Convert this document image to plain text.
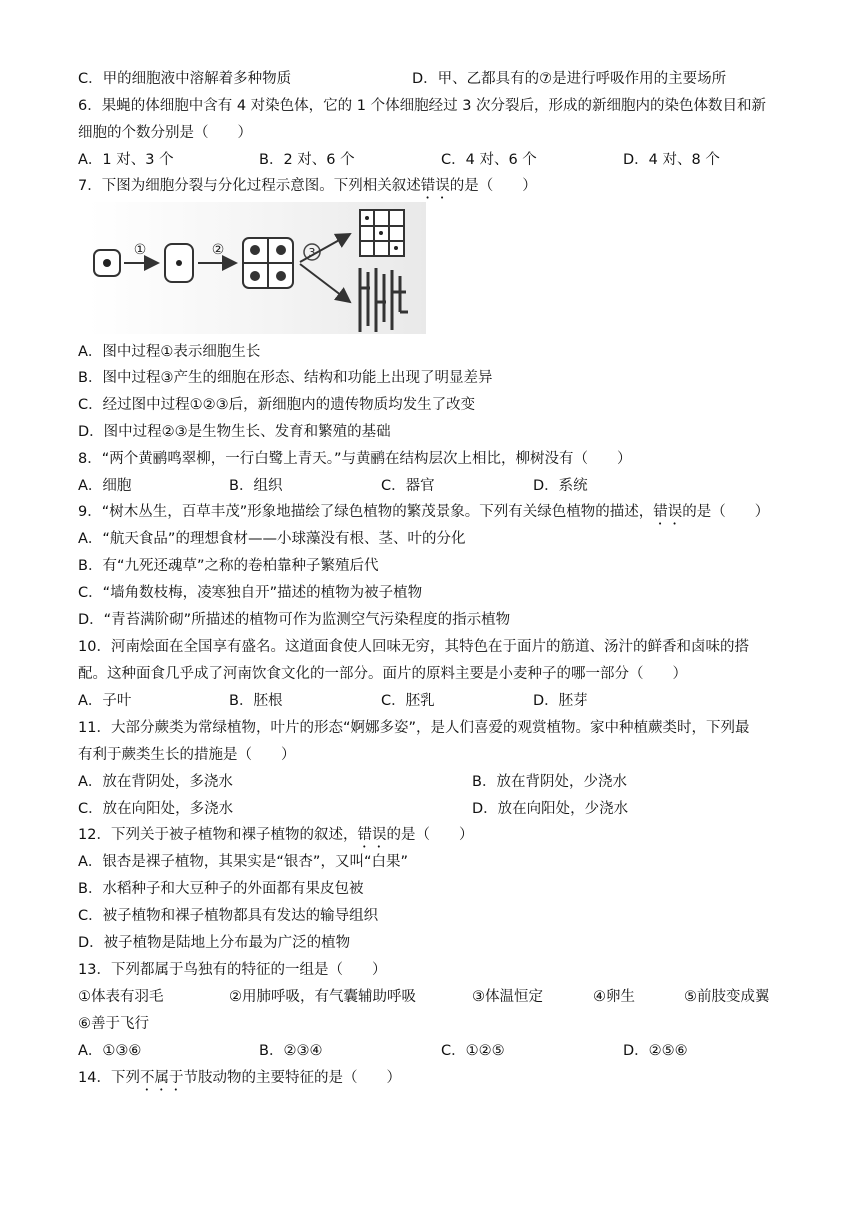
C．甲的细胞液中溶解着多种物质	D．甲、乙都具有的⑦是进行呼吸作用的主要场所
6．果蝇的体细胞中含有 4 对染色体，它的 1 个体细胞经过 3 次分裂后，形成的新细胞内的染色体数目和新
细胞的个数分别是（　　）
A．1 对、3 个	B．2 对、6 个	C．4 对、6 个	D．4 对、8 个
7．下图为细胞分裂与分化过程示意图。下列相关叙述错误的是（　　）
①	②	3
A．图中过程①表示细胞生长
B．图中过程③产生的细胞在形态、结构和功能上出现了明显差异
C．经过图中过程①②③后，新细胞内的遗传物质均发生了改变
D．图中过程②③是生物生长、发育和繁殖的基础
8．“两个黄鹂鸣翠柳，一行白鹭上青天。”与黄鹂在结构层次上相比，柳树没有（　　）
A．细胞	B．组织	C．器官	D．系统
9．“树木丛生，百草丰茂”形象地描绘了绿色植物的繁茂景象。下列有关绿色植物的描述，错误的是（　　）
A．“航天食品”的理想食材——小球藻没有根、茎、叶的分化
B．有“九死还魂草”之称的卷柏靠种子繁殖后代
C．“墙角数枝梅，凌寒独自开”描述的植物为被子植物
D．“青苔满阶砌”所描述的植物可作为监测空气污染程度的指示植物
10．河南烩面在全国享有盛名。这道面食使人回味无穷，其特色在于面片的筋道、汤汁的鲜香和卤味的搭
配。这种面食几乎成了河南饮食文化的一部分。面片的原料主要是小麦种子的哪一部分（　　）
A．子叶	B．胚根	C．胚乳	D．胚芽
11．大部分蕨类为常绿植物，叶片的形态“婀娜多姿”，是人们喜爱的观赏植物。家中种植蕨类时，下列最
有利于蕨类生长的措施是（　　）
A．放在背阴处，多浇水	B．放在背阴处，少浇水
C．放在向阳处，多浇水	D．放在向阳处，少浇水
12．下列关于被子植物和裸子植物的叙述，错误的是（　　）
A．银杏是裸子植物，其果实是“银杏”，又叫“白果”
B．水稻种子和大豆种子的外面都有果皮包被
C．被子植物和裸子植物都具有发达的输导组织
D．被子植物是陆地上分布最为广泛的植物
13．下列都属于鸟独有的特征的一组是（　　）
①体表有羽毛	②用肺呼吸，有气囊辅助呼吸	③体温恒定	④卵生	⑤前肢变成翼
⑥善于飞行
A．①③⑥	B．②③④	C．①②⑤	D．②⑤⑥
14．下列不属于节肢动物的主要特征的是（　　）
